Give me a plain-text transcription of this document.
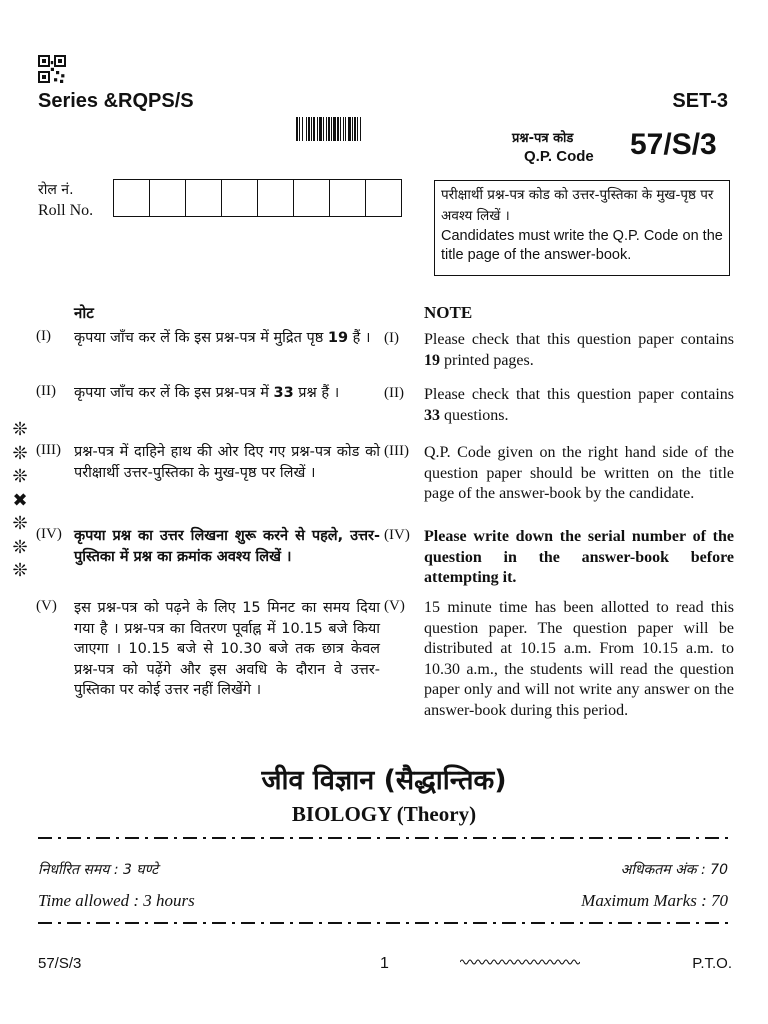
Series &RQPS/S	SET-3
प्रश्न-पत्र कोड
Q.P. Code 57/S/3
रोल नं.
Roll No.
परीक्षार्थी प्रश्न-पत्र कोड को उत्तर-पुस्तिका के मुख-पृष्ठ पर अवश्य लिखें ।
Candidates must write the Q.P. Code on the title page of the answer-book.
❊
❊
❊
✖
❊
❊
❊
नोट
(I)	कृपया जाँच कर लें कि इस प्रश्न-पत्र में मुद्रित पृष्ठ 19 हैं ।
(II)	कृपया जाँच कर लें कि इस प्रश्न-पत्र में 33 प्रश्न हैं ।
(III) प्रश्न-पत्र में दाहिने हाथ की ओर दिए गए प्रश्न-पत्र कोड को परीक्षार्थी उत्तर-पुस्तिका के मुख-पृष्ठ पर लिखें ।
(IV) कृपया प्रश्न का उत्तर लिखना शुरू करने से पहले, उत्तर-पुस्तिका में प्रश्न का क्रमांक अवश्य लिखें ।
(V)	इस प्रश्न-पत्र को पढ़ने के लिए 15 मिनट का समय दिया गया है । प्रश्न-पत्र का वितरण पूर्वाह्न में 10.15 बजे किया जाएगा । 10.15 बजे से 10.30 बजे तक छात्र केवल प्रश्न-पत्र को पढ़ेंगे और इस अवधि के दौरान वे उत्तर-पुस्तिका पर कोई उत्तर नहीं लिखेंगे ।
NOTE
(I)	Please check that this question paper contains 19 printed pages.
(II)	Please check that this question paper contains 33 questions.
(III) Q.P. Code given on the right hand side of the question paper should be written on the title page of the answer-book by the candidate.
(IV) Please write down the serial number of the question in the answer-book before attempting it.
(V)	15 minute time has been allotted to read this question paper. The question paper will be distributed at 10.15 a.m. From 10.15 a.m. to 10.30 a.m., the students will read the question paper only and will not write any answer on the answer-book during this period.
जीव विज्ञान (सैद्धान्तिक)
BIOLOGY (Theory)
निर्धारित समय : 3 घण्टे	अधिकतम अंक : 70
Time allowed : 3 hours	Maximum Marks : 70
57/S/3	1	P.T.O.
